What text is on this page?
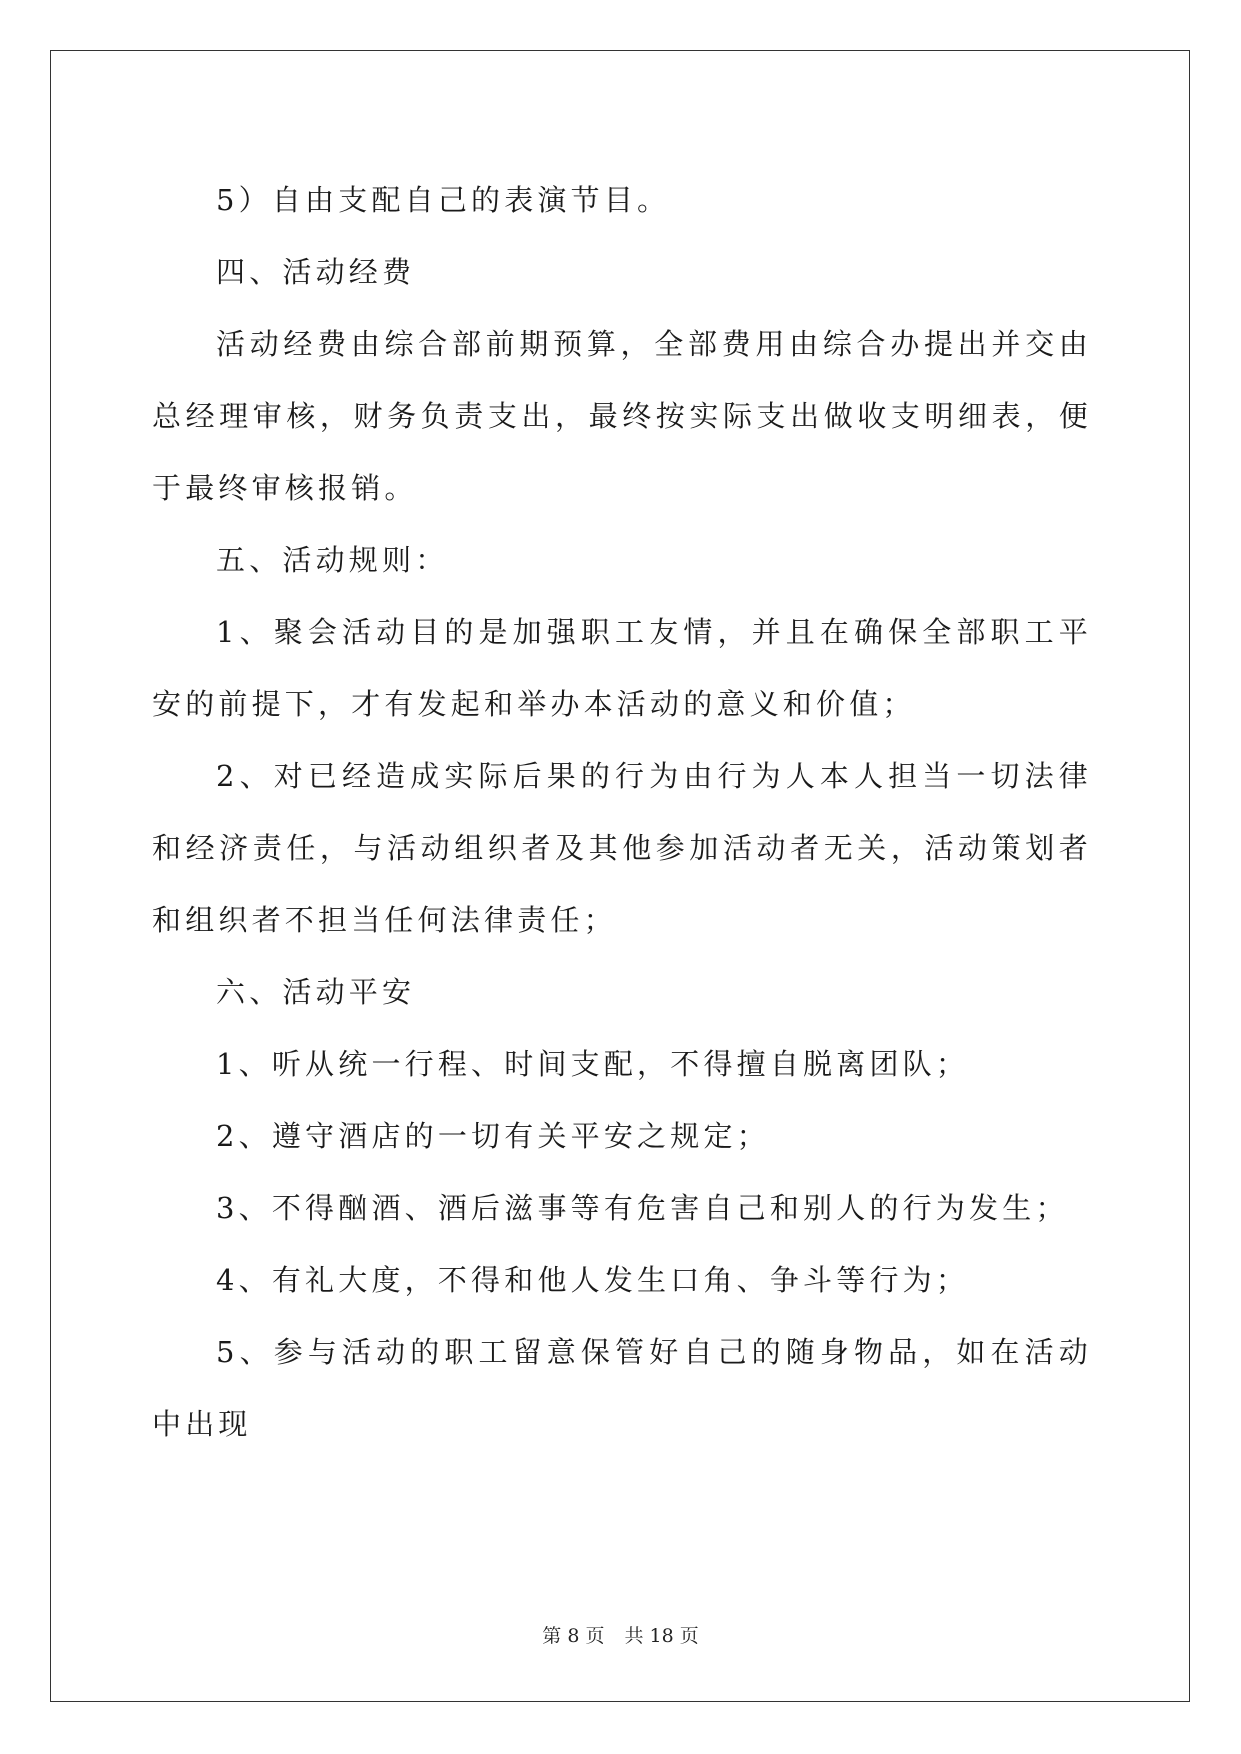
5）自由支配自己的表演节目。

四、活动经费

活动经费由综合部前期预算，全部费用由综合办提出并交由总经理审核，财务负责支出，最终按实际支出做收支明细表，便于最终审核报销。

五、活动规则：

1、聚会活动目的是加强职工友情，并且在确保全部职工平安的前提下，才有发起和举办本活动的意义和价值；

2、对已经造成实际后果的行为由行为人本人担当一切法律和经济责任，与活动组织者及其他参加活动者无关，活动策划者和组织者不担当任何法律责任；

六、活动平安

1、听从统一行程、时间支配，不得擅自脱离团队；

2、遵守酒店的一切有关平安之规定；

3、不得酗酒、酒后滋事等有危害自己和别人的行为发生；

4、有礼大度，不得和他人发生口角、争斗等行为；

5、参与活动的职工留意保管好自己的随身物品，如在活动中出现

第 8 页 共 18 页
